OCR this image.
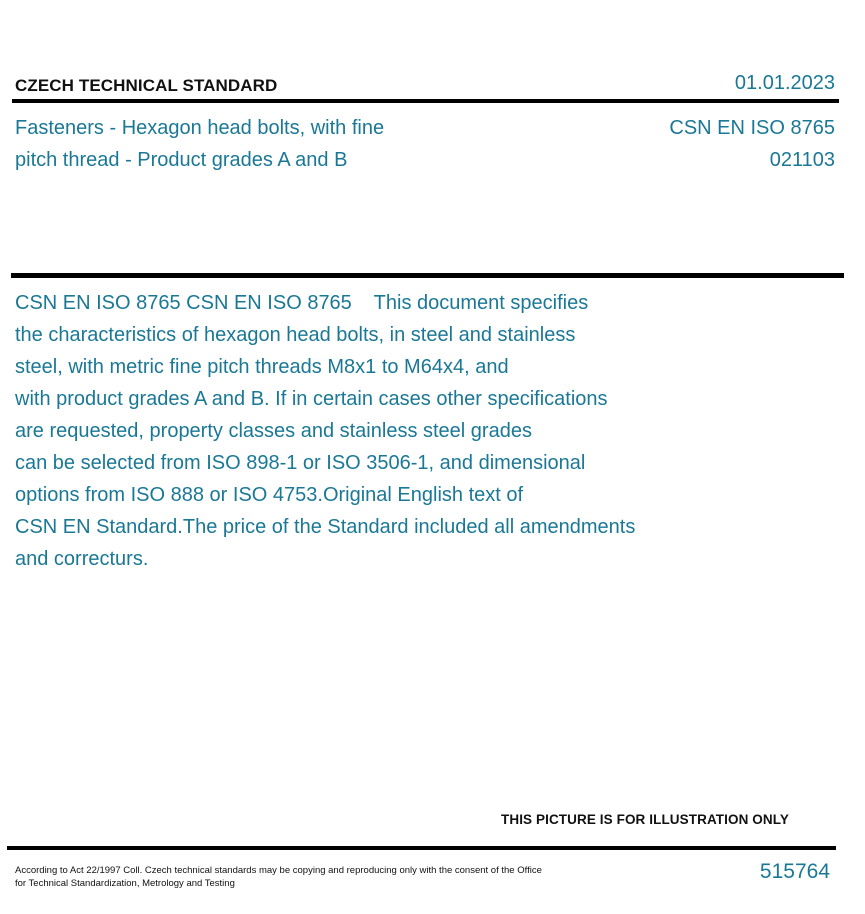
CZECH TECHNICAL STANDARD	01.01.2023
Fasteners - Hexagon head bolts, with fine
pitch thread - Product grades A and B
CSN EN ISO 8765
021103
CSN EN ISO 8765 CSN EN ISO 8765    This document specifies
the characteristics of hexagon head bolts, in steel and stainless
steel, with metric fine pitch threads M8x1 to M64x4, and
with product grades A and B. If in certain cases other specifications
are requested, property classes and stainless steel grades
can be selected from ISO 898-1 or ISO 3506-1, and dimensional
options from ISO 888 or ISO 4753.Original English text of
CSN EN Standard.The price of the Standard included all amendments
and correcturs.
THIS PICTURE IS FOR ILLUSTRATION ONLY
According to Act 22/1997 Coll. Czech technical standards may be copying and reproducing only with the consent of the Office
for Technical Standardization, Metrology and Testing
515764
